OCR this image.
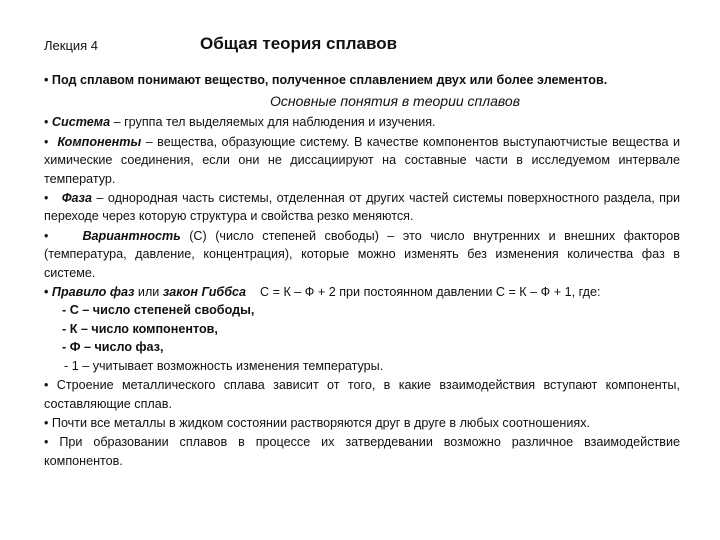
Лекция 4	Общая теория сплавов

• Под сплавом понимают вещество, полученное сплавлением двух или более элементов.

Основные понятия в теории сплавов

• Система – группа тел выделяемых для наблюдения и изучения.

• Компоненты – вещества, образующие систему. В качестве компонентов выступаютчистые вещества и химические соединения, если они не диссациируют на составные части в исследуемом интервале температур.

• Фаза – однородная часть системы, отделенная от других частей системы поверхностного раздела, при переходе через которую структура и свойства резко меняются.

•	Вариантность (С) (число степеней свободы) – это число внутренних и внешних факторов (температура, давление, концентрация), которые можно изменять без изменения количества фаз в системе.

• Правило фаз или закон Гиббса С = К – Ф + 2 при постоянном давлении С = К – Ф + 1, где:

- С – число степеней свободы,

- К – число компонентов,

- Ф – число фаз,

- 1 – учитывает возможность изменения температуры.

• Строение металлического сплава зависит от того, в какие взаимодействия вступают компоненты, составляющие сплав.

• Почти все металлы в жидком состоянии растворяются друг в друге в любых соотношениях.

• При образовании сплавов в процессе их затвердевании возможно различное взаимодействие компонентов.
